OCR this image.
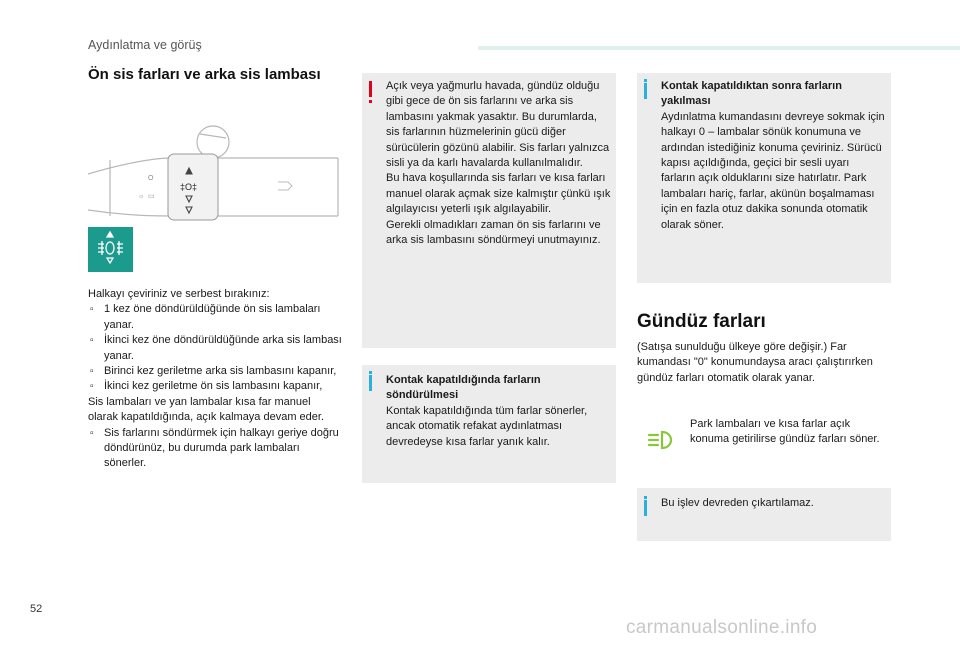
Aydınlatma ve görüş
Ön sis farları ve arka sis lambası
O
☼ ▭
‡O‡
Halkayı çeviriniz ve serbest bırakınız:
▫ 1 kez öne döndürüldüğünde ön sis lambaları yanar.
▫ İkinci kez öne döndürüldüğünde arka sis lambası yanar.
▫ Birinci kez geriletme arka sis lambasını kapanır,
▫ İkinci kez geriletme ön sis lambasını kapanır,
Sis lambaları ve yan lambalar kısa far manuel olarak kapatıldığında, açık kalmaya devam eder.
▫ Sis farlarını söndürmek için halkayı geriye doğru döndürünüz, bu durumda park lambaları sönerler.
Açık veya yağmurlu havada, gündüz olduğu gibi gece de ön sis farlarını ve arka sis lambasını yakmak yasaktır. Bu durumlarda, sis farlarının hüzmelerinin gücü diğer sürücülerin gözünü alabilir. Sis farları yalnızca sisli ya da karlı havalarda kullanılmalıdır.
Bu hava koşullarında sis farları ve kısa farları manuel olarak açmak size kalmıştır çünkü ışık algılayıcısı yeterli ışık algılayabilir.
Gerekli olmadıkları zaman ön sis farlarını ve arka sis lambasını söndürmeyi unutmayınız.
Kontak kapatıldığında farların söndürülmesi
Kontak kapatıldığında tüm farlar sönerler, ancak otomatik refakat aydınlatması devredeyse kısa farlar yanık kalır.
Kontak kapatıldıktan sonra farların yakılması
Aydınlatma kumandasını devreye sokmak için halkayı 0 – lambalar sönük konumuna ve ardından istediğiniz konuma çeviriniz. Sürücü kapısı açıldığında, geçici bir sesli uyarı farların açık olduklarını size hatırlatır. Park lambaları hariç, farlar, akünün boşalmaması için en fazla otuz dakika sonunda otomatik olarak söner.
Gündüz farları
(Satışa sunulduğu ülkeye göre değişir.) Far kumandası "0" konumundaysa aracı çalıştırırken gündüz farları otomatik olarak yanar.
Park lambaları ve kısa farlar açık konuma getirilirse gündüz farları söner.
Bu işlev devreden çıkartılamaz.
52
carmanualsonline.info
